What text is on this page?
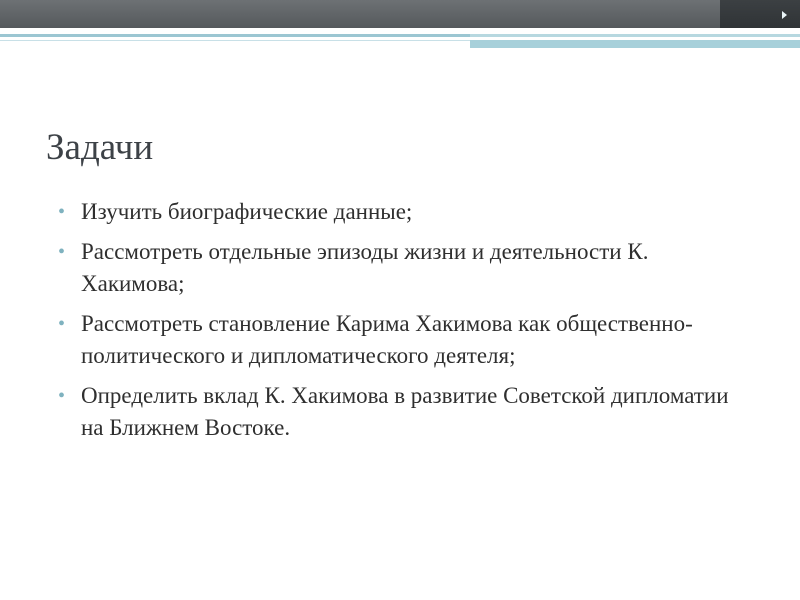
Задачи
• Изучить биографические данные;
• Рассмотреть отдельные эпизоды жизни и деятельности К. Хакимова;
• Рассмотреть становление Карима Хакимова как общественно-политического и дипломатического деятеля;
• Определить вклад К. Хакимова в развитие Советской дипломатии на Ближнем Востоке.
